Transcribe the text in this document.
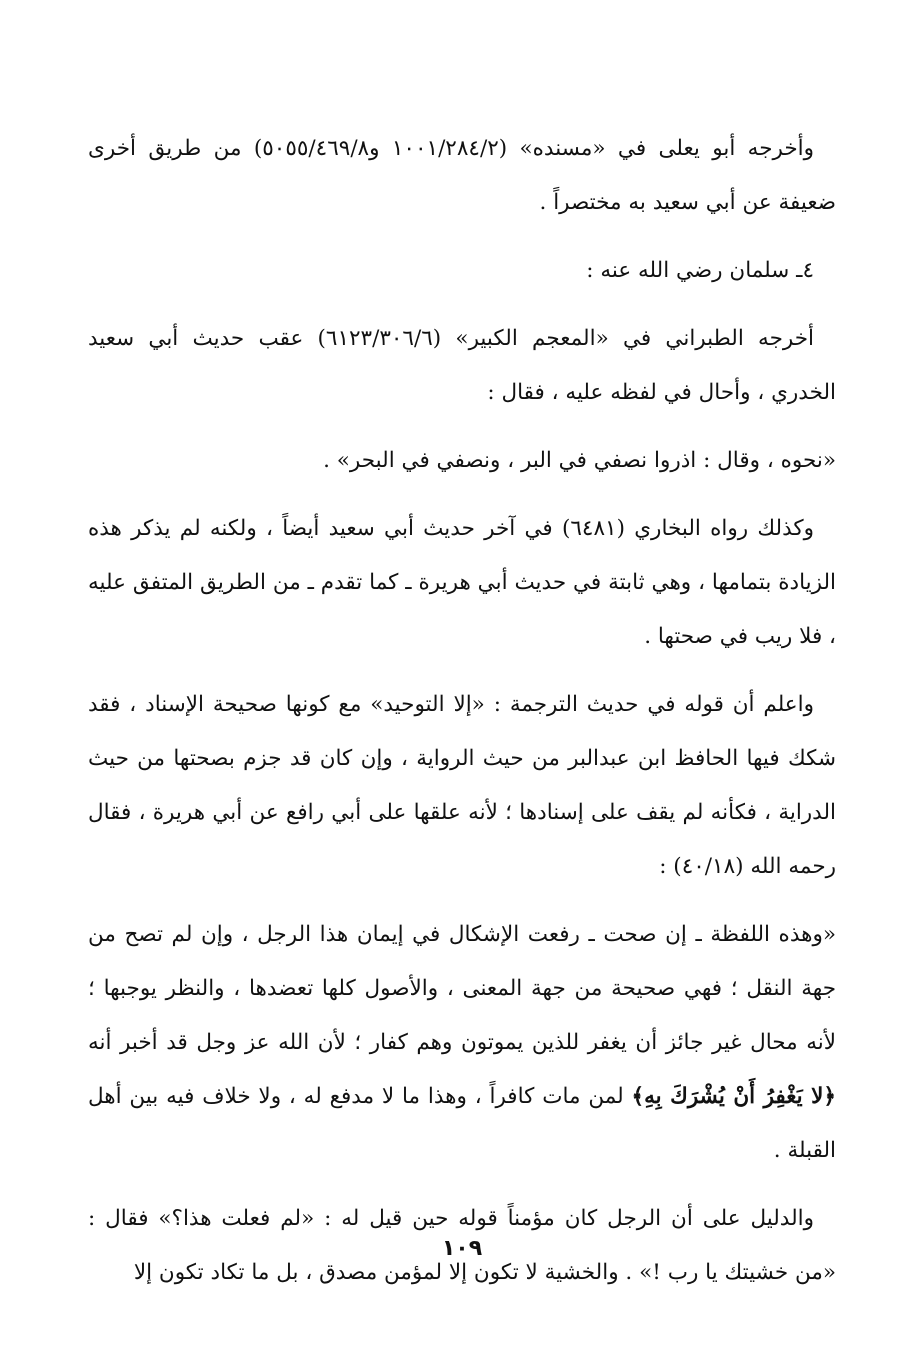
وأخرجه أبو يعلى في «مسنده» (١٠٠١/٢٨٤/٢ و٥٠٥٥/٤٦٩/٨) من طريق أخرى ضعيفة عن أبي سعيد به مختصراً .

٤ـ سلمان رضي الله عنه :

أخرجه الطبراني في «المعجم الكبير» (٦١٢٣/٣٠٦/٦) عقب حديث أبي سعيد الخدري ، وأحال في لفظه عليه ، فقال :

«نحوه ، وقال : اذروا نصفي في البر ، ونصفي في البحر» .

وكذلك رواه البخاري (٦٤٨١) في آخر حديث أبي سعيد أيضاً ، ولكنه لم يذكر هذه الزيادة بتمامها ، وهي ثابتة في حديث أبي هريرة ـ كما تقدم ـ من الطريق المتفق عليه ، فلا ريب في صحتها .

واعلم أن قوله في حديث الترجمة : «إلا التوحيد» مع كونها صحيحة الإسناد ، فقد شكك فيها الحافظ ابن عبدالبر من حيث الرواية ، وإن كان قد جزم بصحتها من حيث الدراية ، فكأنه لم يقف على إسنادها ؛ لأنه علقها على أبي رافع عن أبي هريرة ، فقال رحمه الله (٤٠/١٨) :

«وهذه اللفظة ـ إن صحت ـ رفعت الإشكال في إيمان هذا الرجل ، وإن لم تصح من جهة النقل ؛ فهي صحيحة من جهة المعنى ، والأصول كلها تعضدها ، والنظر يوجبها ؛ لأنه محال غير جائز أن يغفر للذين يموتون وهم كفار ؛ لأن الله عز وجل قد أخبر أنه ﴿لا يَغْفِرُ أَنْ يُشْرَكَ بِهِ﴾ لمن مات كافراً ، وهذا ما لا مدفع له ، ولا خلاف فيه بين أهل القبلة .

والدليل على أن الرجل كان مؤمناً قوله حين قيل له : «لم فعلت هذا؟» فقال : «من خشيتك يا رب !» . والخشية لا تكون إلا لمؤمن مصدق ، بل ما تكاد تكون إلا

١٠٩
